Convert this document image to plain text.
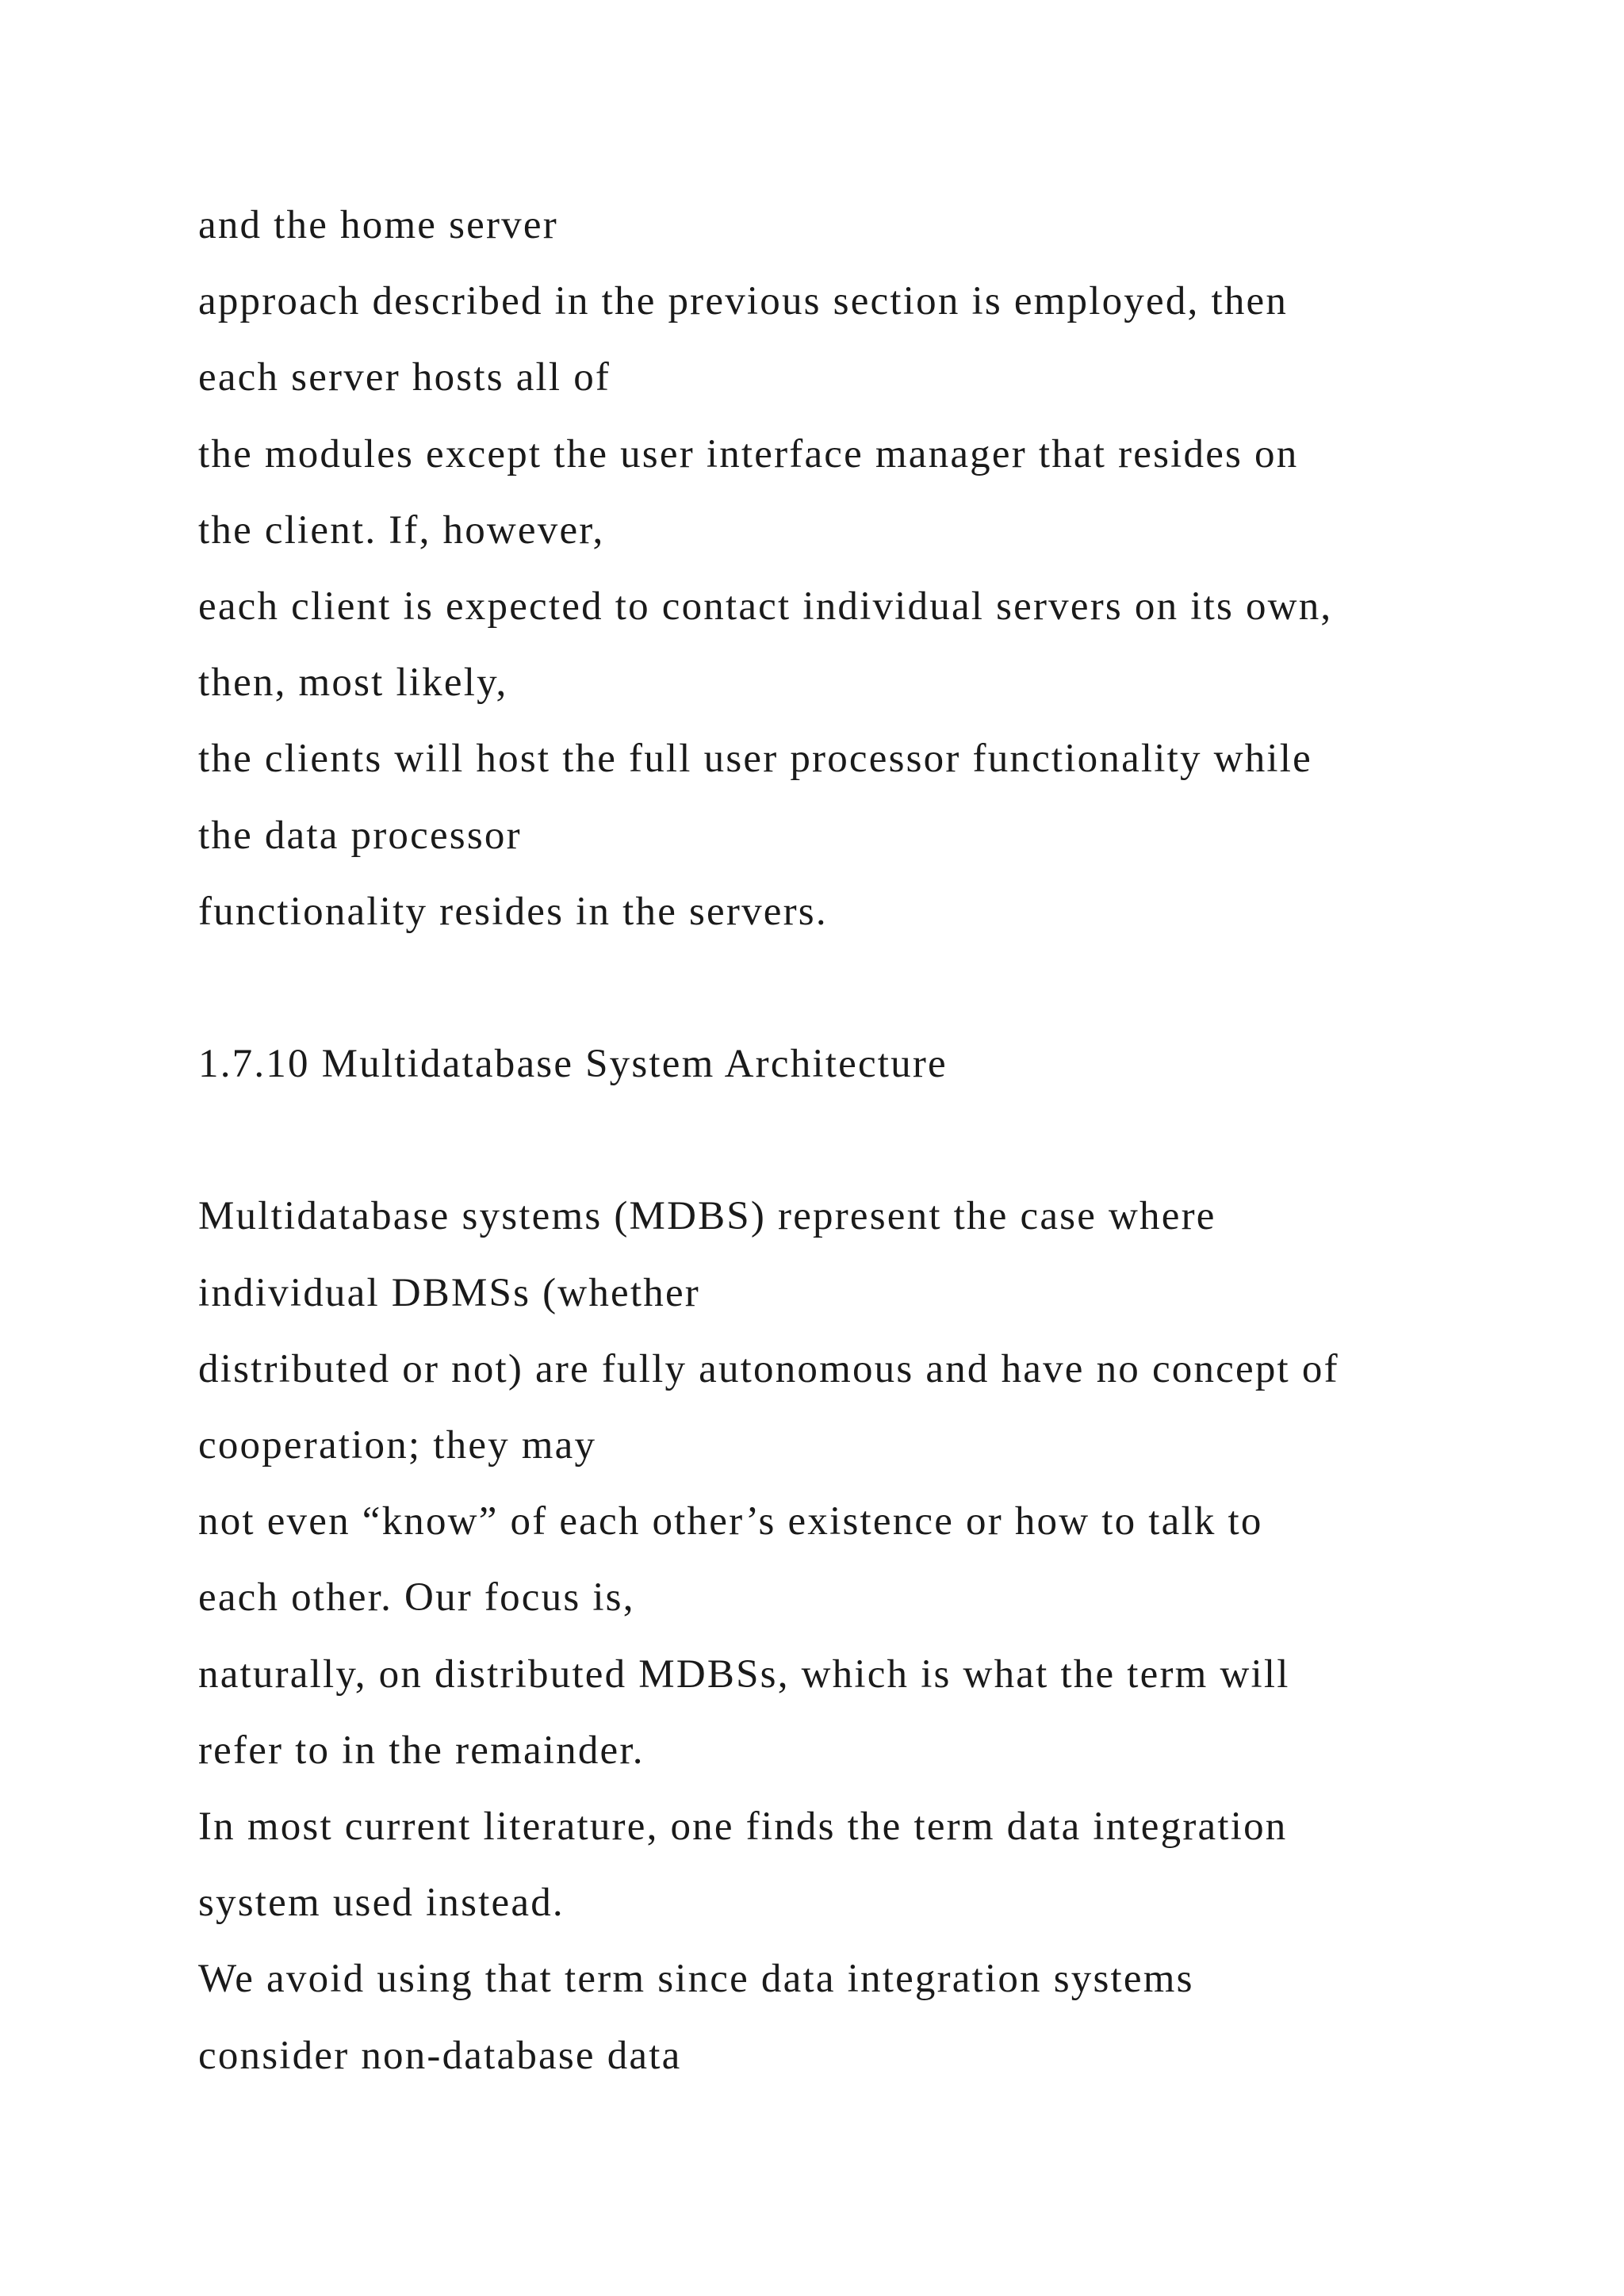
and the home server
approach described in the previous section is employed, then
each server hosts all of
the modules except the user interface manager that resides on
the client. If, however,
each client is expected to contact individual servers on its own,
then, most likely,
the clients will host the full user processor functionality while
the data processor
functionality resides in the servers.
1.7.10 Multidatabase System Architecture
Multidatabase systems (MDBS) represent the case where
individual DBMSs (whether
distributed or not) are fully autonomous and have no concept of
cooperation; they may
not even “know” of each other’s existence or how to talk to
each other. Our focus is,
naturally, on distributed MDBSs, which is what the term will
refer to in the remainder.
In most current literature, one finds the term data integration
system used instead.
We avoid using that term since data integration systems
consider non-database data
